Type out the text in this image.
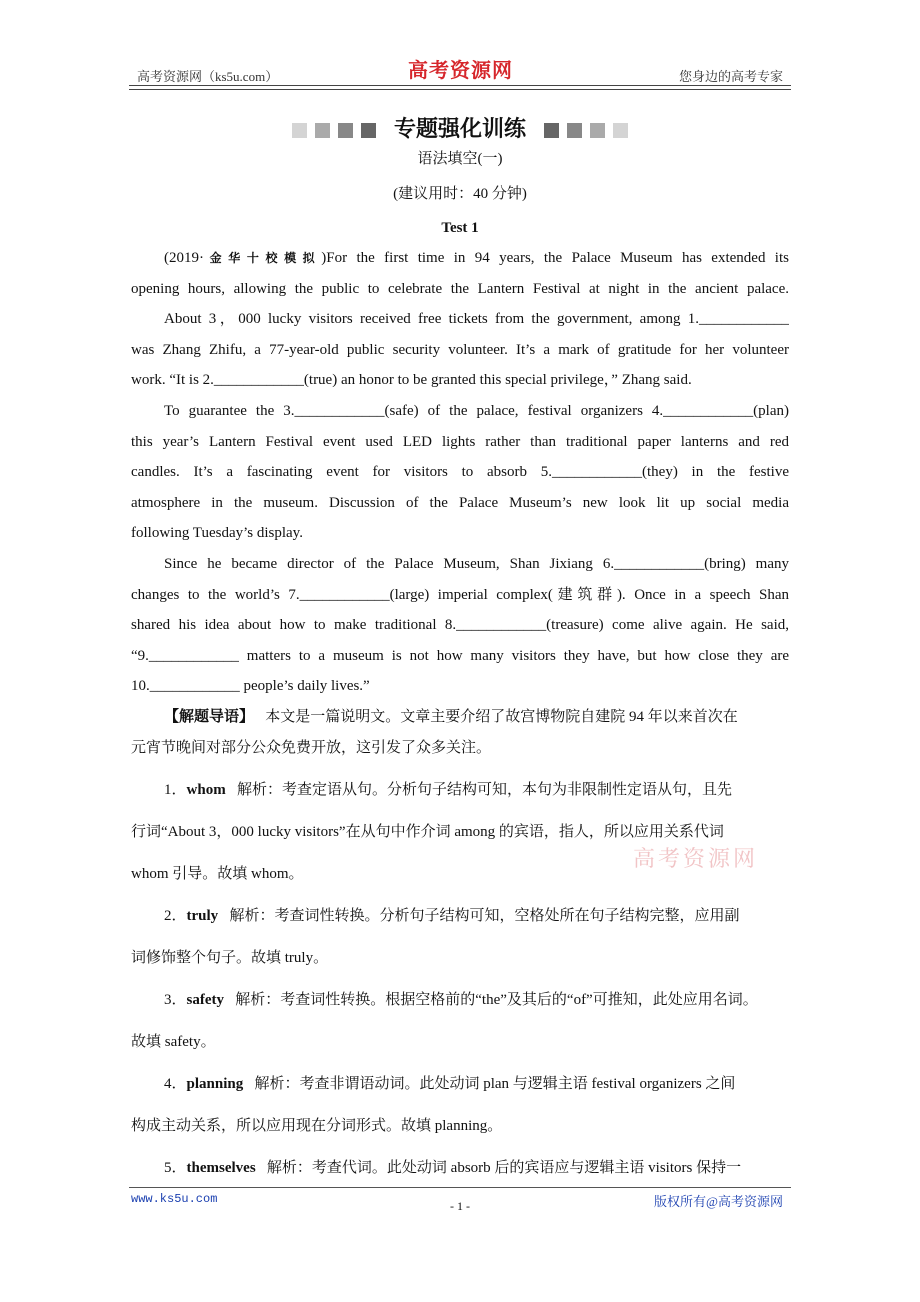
高考资源网（ks5u.com）	高考资源网	您身边的高考专家
专题强化训练
语法填空(一)
(建议用时：40 分钟)
Test 1
(2019·金华十校模拟)For the first time in 94 years, the Palace Museum has extended its
opening hours, allowing the public to celebrate the Lantern Festival at night in the ancient palace.
About 3，000 lucky visitors received free tickets from the government, among 1.____________
was Zhang Zhifu, a 77-year-old public security volunteer. It’s a mark of gratitude for her volunteer
work. “It is 2.____________(true) an honor to be granted this special privilege，” Zhang said.
To guarantee the 3.____________(safe) of the palace, festival organizers 4.____________(plan)
this year’s Lantern Festival event used LED lights rather than traditional paper lanterns and red
candles. It’s a fascinating event for visitors to absorb 5.____________(they) in the festive
atmosphere in the museum. Discussion of the Palace Museum’s new look lit up social media
following Tuesday’s display.
Since he became director of the Palace Museum, Shan Jixiang 6.____________(bring) many
changes to the world’s 7.____________(large) imperial complex(建筑群). Once in a speech Shan
shared his idea about how to make traditional 8.____________(treasure) come alive again. He said,
“9.____________ matters to a museum is not how many visitors they have, but how close they are
10.____________ people’s daily lives.”
【解题导语】 本文是一篇说明文。文章主要介绍了故宫博物院自建院 94 年以来首次在
元宵节晚间对部分公众免费开放，这引发了众多关注。
1．whom 解析：考查定语从句。分析句子结构可知，本句为非限制性定语从句，且先
行词“About 3，000 lucky visitors”在从句中作介词 among 的宾语，指人，所以应用关系代词
whom 引导。故填 whom。
2．truly 解析：考查词性转换。分析句子结构可知，空格处所在句子结构完整，应用副
词修饰整个句子。故填 truly。
3．safety 解析：考查词性转换。根据空格前的“the”及其后的“of”可推知，此处应用名词。
故填 safety。
4．planning 解析：考查非谓语动词。此处动词 plan 与逻辑主语 festival organizers 之间
构成主动关系，所以应用现在分词形式。故填 planning。
5．themselves 解析：考查代词。此处动词 absorb 后的宾语应与逻辑主语 visitors 保持一
高考资源网
www.ks5u.com	- 1 -	版权所有@高考资源网
